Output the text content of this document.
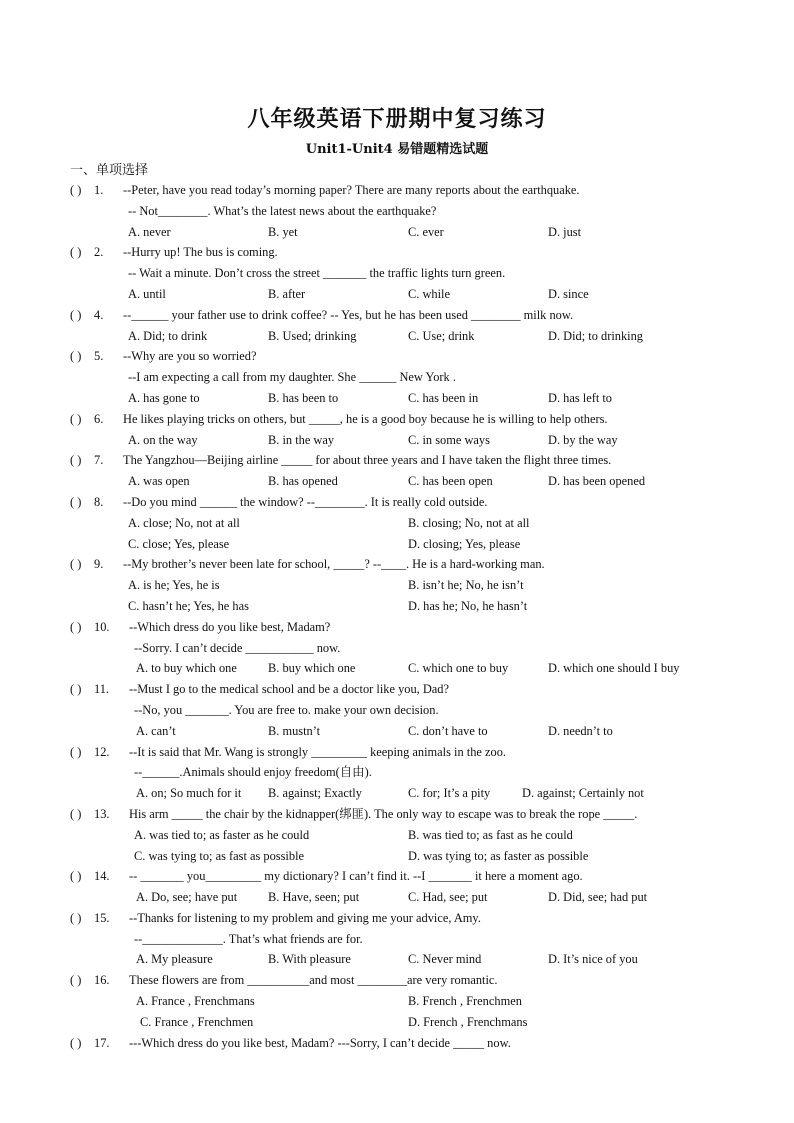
八年级英语下册期中复习练习
Unit1-Unit4 易错题精选试题
一、单项选择
( ) 1. --Peter, have you read today’s morning paper? There are many reports about the earthquake.
-- Not________. What’s the latest news about the earthquake?
A. never	B. yet	C. ever	D. just
( ) 2. --Hurry up! The bus is coming.
-- Wait a minute. Don’t cross the street _______ the traffic lights turn green.
A. until	B. after	C. while	D. since
( ) 4. --______ your father use to drink coffee? -- Yes, but he has been used ________ milk now.
A. Did; to drink	B. Used; drinking	C. Use; drink	D. Did; to drinking
( ) 5. --Why are you so worried?
--I am expecting a call from my daughter. She ______ New York .
A. has gone to	B. has been to	C. has been in	D. has left to
( ) 6. He likes playing tricks on others, but _____, he is a good boy because he is willing to help others.
A. on the way	B. in the way	C. in some ways	D. by the way
( ) 7. The Yangzhou—Beijing airline _____ for about three years and I have taken the flight three times.
A. was open	B. has opened	C. has been open	D. has been opened
( ) 8. --Do you mind ______ the window? --________. It is really cold outside.
A. close; No, not at all	B. closing; No, not at all
C. close; Yes, please	D. closing; Yes, please
( ) 9. --My brother’s never been late for school, _____? --____. He is a hard-working man.
A. is he; Yes, he is	B. isn’t he; No, he isn’t
C. hasn’t he; Yes, he has	D. has he; No, he hasn’t
( ) 10. --Which dress do you like best, Madam?
--Sorry. I can’t decide ___________ now.
A. to buy which one	B. buy which one	C. which one to buy	D. which one should I buy
( ) 11. --Must I go to the medical school and be a doctor like you, Dad?
--No, you _______. You are free to. make your own decision.
A. can’t	B. mustn’t	C. don’t have to	D. needn’t to
( ) 12. --It is said that Mr. Wang is strongly _________ keeping animals in the zoo.
--______.Animals should enjoy freedom(自由).
A. on; So much for it B. against; Exactly	C. for; It’s a pity	D. against; Certainly not
( ) 13. His arm _____ the chair by the kidnapper(绑匪). The only way to escape was to break the rope _____.
A. was tied to; as faster as he could	B. was tied to; as fast as he could
C. was tying to; as fast as possible	D. was tying to; as faster as possible
( ) 14. -- _______ you_________ my dictionary? I can’t find it. --I _______ it here a moment ago.
A. Do, see; have put B. Have, seen; put	C. Had, see; put	D. Did, see; had put
( ) 15. --Thanks for listening to my problem and giving me your advice, Amy.
--_____________. That’s what friends are for.
A. My pleasure	B. With pleasure	C. Never mind	D. It’s nice of you
( ) 16. These flowers are from __________and most ________are very romantic.
A. France , Frenchmans	B. French , Frenchmen
C. France , Frenchmen	D. French , Frenchmans
( ) 17. ---Which dress do you like best, Madam? ---Sorry, I can’t decide _____ now.
